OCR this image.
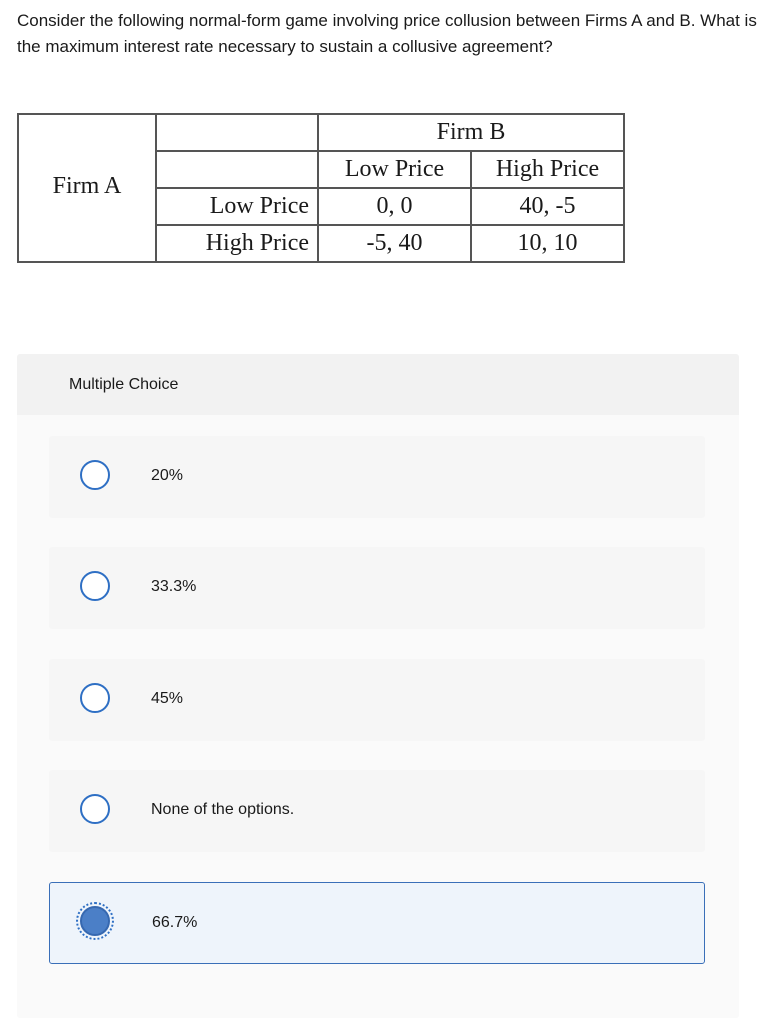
Consider the following normal-form game involving price collusion between Firms A and B. What is the maximum interest rate necessary to sustain a collusive agreement?

Firm A		Firm B	
		Low Price	High Price
	Low Price	0, 0	40, -5
	High Price	-5, 40	10, 10
Multiple Choice
20%
33.3%
45%
None of the options.
66.7%
